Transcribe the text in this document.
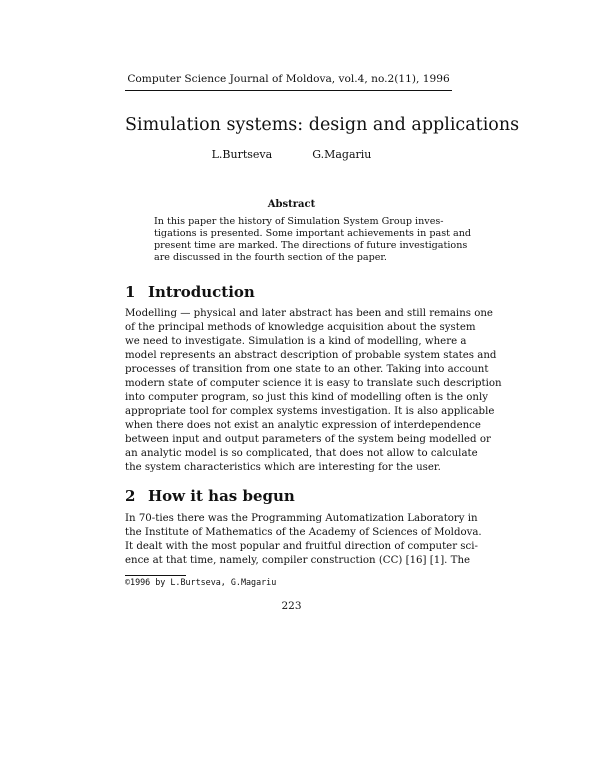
Computer Science Journal of Moldova, vol.4, no.2(11), 1996
Simulation systems: design and applications
L.Burtseva	G.Magariu
Abstract
In this paper the history of Simulation System Group inves-
tigations is presented. Some important achievements in past and
present time are marked. The directions of future investigations
are discussed in the fourth section of the paper.
1 Introduction
Modelling — physical and later abstract has been and still remains one
of the principal methods of knowledge acquisition about the system
we need to investigate. Simulation is a kind of modelling, where a
model represents an abstract description of probable system states and
processes of transition from one state to an other. Taking into account
modern state of computer science it is easy to translate such description
into computer program, so just this kind of modelling often is the only
appropriate tool for complex systems investigation. It is also applicable
when there does not exist an analytic expression of interdependence
between input and output parameters of the system being modelled or
an analytic model is so complicated, that does not allow to calculate
the system characteristics which are interesting for the user.
2 How it has begun
In 70-ties there was the Programming Automatization Laboratory in
the Institute of Mathematics of the Academy of Sciences of Moldova.
It dealt with the most popular and fruitful direction of computer sci-
ence at that time, namely, compiler construction (CC) [16] [1]. The
©1996 by L.Burtseva, G.Magariu
223
